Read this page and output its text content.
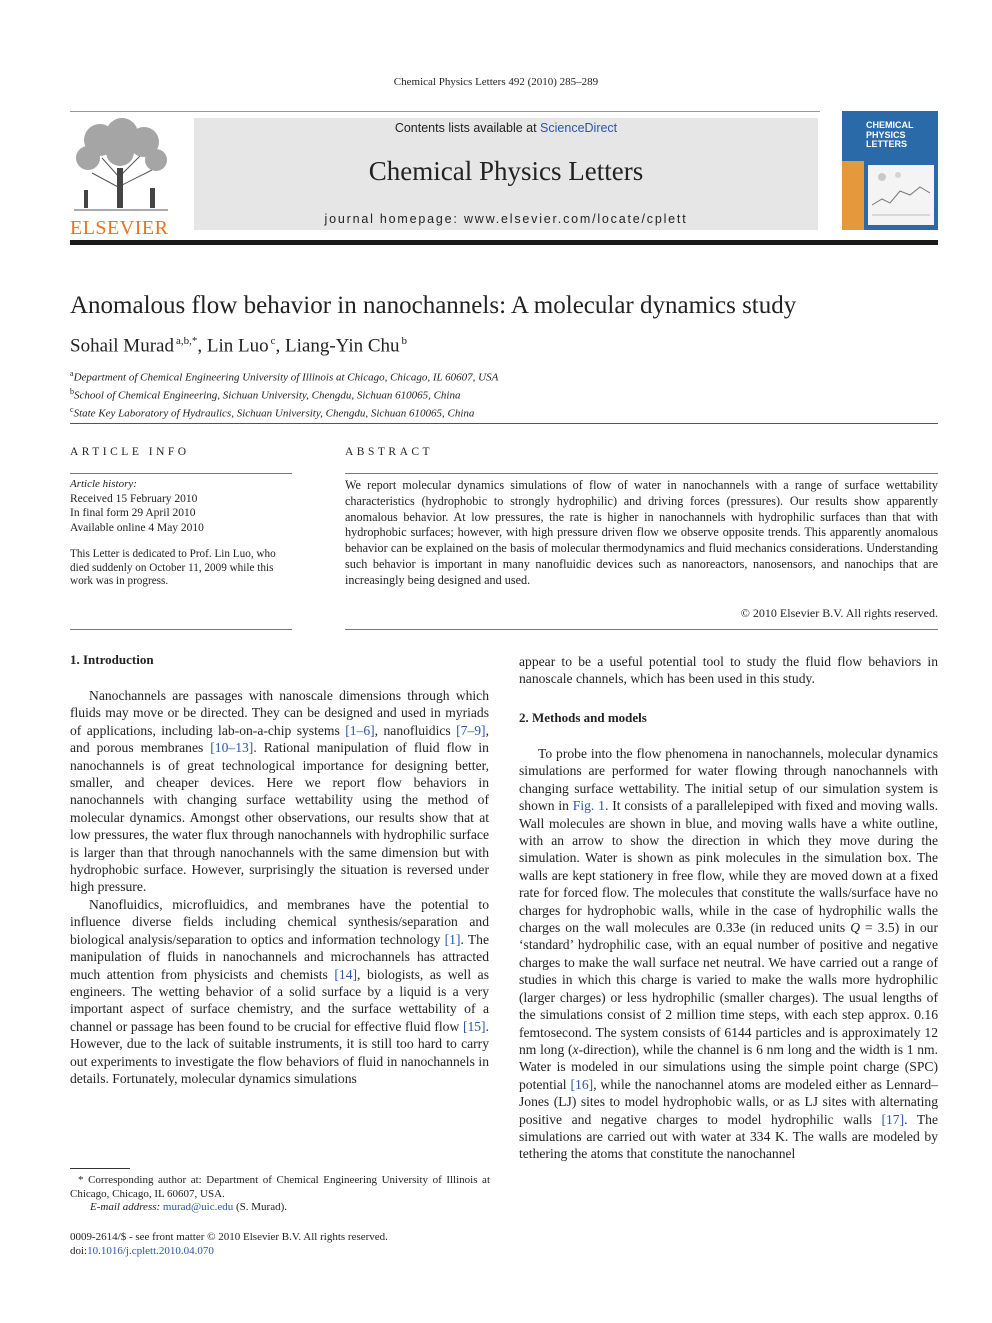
Chemical Physics Letters 492 (2010) 285–289
ELSEVIER
Contents lists available at ScienceDirect
Chemical Physics Letters
journal homepage: www.elsevier.com/locate/cplett
CHEMICAL
PHYSICS
LETTERS
Anomalous flow behavior in nanochannels: A molecular dynamics study
Sohail Murad $^{a,b,*}$, Lin Luo $^c$, Liang-Yin Chu $^b$
$^a$Department of Chemical Engineering University of Illinois at Chicago, Chicago, IL 60607, USA
$^b$School of Chemical Engineering, Sichuan University, Chengdu, Sichuan 610065, China
$^c$State Key Laboratory of Hydraulics, Sichuan University, Chengdu, Sichuan 610065, China
ARTICLE INFO
Article history:
Received 15 February 2010
In final form 29 April 2010
Available online 4 May 2010
This Letter is dedicated to Prof. Lin Luo, who died suddenly on October 11, 2009 while this work was in progress.
ABSTRACT
We report molecular dynamics simulations of flow of water in nanochannels with a range of surface wettability characteristics (hydrophobic to strongly hydrophilic) and driving forces (pressures). Our results show apparently anomalous behavior. At low pressures, the rate is higher in nanochannels with hydrophilic surfaces than that with hydrophobic surfaces; however, with high pressure driven flow we observe opposite trends. This apparently anomalous behavior can be explained on the basis of molecular thermodynamics and fluid mechanics considerations. Understanding such behavior is important in many nanofluidic devices such as nanoreactors, nanosensors, and nanochips that are increasingly being designed and used.
© 2010 Elsevier B.V. All rights reserved.
1. Introduction

Nanochannels are passages with nanoscale dimensions through which fluids may move or be directed. They can be designed and used in myriads of applications, including lab-on-a-chip systems [1–6], nanofluidics [7–9], and porous membranes [10–13]. Rational manipulation of fluid flow in nanochannels is of great technological importance for designing better, smaller, and cheaper devices. Here we report flow behaviors in nanochannels with changing surface wettability using the method of molecular dynamics. Amongst other observations, our results show that at low pressures, the water flux through nanochannels with hydrophilic surface is larger than that through nanochannels with the same dimension but with hydrophobic surface. However, surprisingly the situation is reversed under high pressure.

Nanofluidics, microfluidics, and membranes have the potential to influence diverse fields including chemical synthesis/separation and biological analysis/separation to optics and information technology [1]. The manipulation of fluids in nanochannels and microchannels has attracted much attention from physicists and chemists [14], biologists, as well as engineers. The wetting behavior of a solid surface by a liquid is a very important aspect of surface chemistry, and the surface wettability of a channel or passage has been found to be crucial for effective fluid flow [15]. However, due to the lack of suitable instruments, it is still too hard to carry out experiments to investigate the flow behaviors of fluid in nanochannels in details. Fortunately, molecular dynamics simulations

* Corresponding author at: Department of Chemical Engineering University of Illinois at Chicago, Chicago, IL 60607, USA.
E-mail address: murad@uic.edu (S. Murad).
0009-2614/$ - see front matter © 2010 Elsevier B.V. All rights reserved.
doi:10.1016/j.cplett.2010.04.070

appear to be a useful potential tool to study the fluid flow behaviors in nanoscale channels, which has been used in this study.

2. Methods and models

To probe into the flow phenomena in nanochannels, molecular dynamics simulations are performed for water flowing through nanochannels with changing surface wettability. The initial setup of our simulation system is shown in Fig. 1. It consists of a parallelepiped with fixed and moving walls. Wall molecules are shown in blue, and moving walls have a white outline, with an arrow to show the direction in which they move during the simulation. Water is shown as pink molecules in the simulation box. The walls are kept stationery in free flow, while they are moved down at a fixed rate for forced flow. The molecules that constitute the walls/surface have no charges for hydrophobic walls, while in the case of hydrophilic walls the charges on the wall molecules are 0.33e (in reduced units Q = 3.5) in our ‘standard’ hydrophilic case, with an equal number of positive and negative charges to make the wall surface net neutral. We have carried out a range of studies in which this charge is varied to make the walls more hydrophilic (larger charges) or less hydrophilic (smaller charges). The usual lengths of the simulations consist of 2 million time steps, with each step approx. 0.16 femtosecond. The system consists of 6144 particles and is approximately 12 nm long (x-direction), while the channel is 6 nm long and the width is 1 nm. Water is modeled in our simulations using the simple point charge (SPC) potential [16], while the nanochannel atoms are modeled either as Lennard–Jones (LJ) sites to model hydrophobic walls, or as LJ sites with alternating positive and negative charges to model hydrophilic walls [17]. The simulations are carried out with water at 334 K. The walls are modeled by tethering the atoms that constitute the nanochannel
